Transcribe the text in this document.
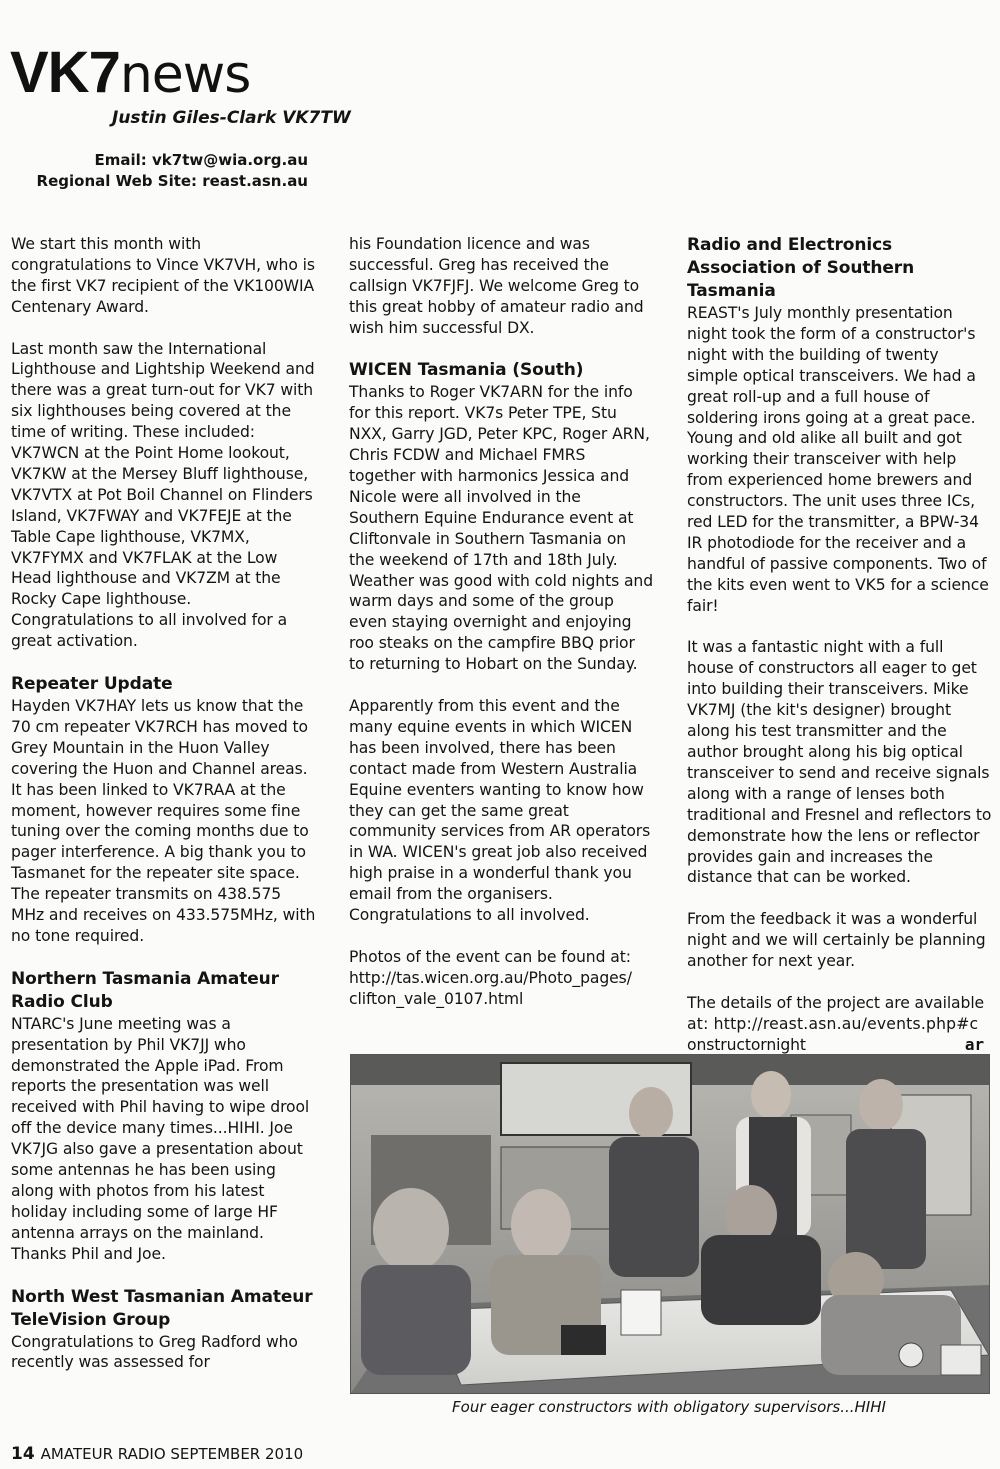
VK7news
Justin Giles-Clark VK7TW
Email: vk7tw@wia.org.au
Regional Web Site: reast.asn.au

We start this month with congratulations to Vince VK7VH, who is the first VK7 recipient of the VK100WIA Centenary Award.

Last month saw the International Lighthouse and Lightship Weekend and there was a great turn-out for VK7 with six lighthouses being covered at the time of writing. These included: VK7WCN at the Point Home lookout, VK7KW at the Mersey Bluff lighthouse, VK7VTX at Pot Boil Channel on Flinders Island, VK7FWAY and VK7FEJE at the Table Cape lighthouse, VK7MX, VK7FYMX and VK7FLAK at the Low Head lighthouse and VK7ZM at the Rocky Cape lighthouse. Congratulations to all involved for a great activation.

Repeater Update

Hayden VK7HAY lets us know that the 70 cm repeater VK7RCH has moved to Grey Mountain in the Huon Valley covering the Huon and Channel areas. It has been linked to VK7RAA at the moment, however requires some fine tuning over the coming months due to pager interference. A big thank you to Tasmanet for the repeater site space. The repeater transmits on 438.575 MHz and receives on 433.575MHz, with no tone required.

Northern Tasmania Amateur Radio Club

NTARC's June meeting was a presentation by Phil VK7JJ who demonstrated the Apple iPad. From reports the presentation was well received with Phil having to wipe drool off the device many times...HIHI. Joe VK7JG also gave a presentation about some antennas he has been using along with photos from his latest holiday including some of large HF antenna arrays on the mainland. Thanks Phil and Joe.

North West Tasmanian Amateur TeleVision Group

Congratulations to Greg Radford who recently was assessed for

his Foundation licence and was successful. Greg has received the callsign VK7FJFJ. We welcome Greg to this great hobby of amateur radio and wish him successful DX.

WICEN Tasmania (South)

Thanks to Roger VK7ARN for the info for this report. VK7s Peter TPE, Stu NXX, Garry JGD, Peter KPC, Roger ARN, Chris FCDW and Michael FMRS together with harmonics Jessica and Nicole were all involved in the Southern Equine Endurance event at Cliftonvale in Southern Tasmania on the weekend of 17th and 18th July. Weather was good with cold nights and warm days and some of the group even staying overnight and enjoying roo steaks on the campfire BBQ prior to returning to Hobart on the Sunday.

Apparently from this event and the many equine events in which WICEN has been involved, there has been contact made from Western Australia Equine eventers wanting to know how they can get the same great community services from AR operators in WA. WICEN's great job also received high praise in a wonderful thank you email from the organisers. Congratulations to all involved.

Photos of the event can be found at:
http://tas.wicen.org.au/Photo_pages/
clifton_vale_0107.html

Radio and Electronics Association of Southern Tasmania

REAST's July monthly presentation night took the form of a constructor's night with the building of twenty simple optical transceivers. We had a great roll-up and a full house of soldering irons going at a great pace. Young and old alike all built and got working their transceiver with help from experienced home brewers and constructors. The unit uses three ICs, red LED for the transmitter, a BPW-34 IR photodiode for the receiver and a handful of passive components. Two of the kits even went to VK5 for a science fair!

It was a fantastic night with a full house of constructors all eager to get into building their transceivers. Mike VK7MJ (the kit's designer) brought along his test transmitter and the author brought along his big optical transceiver to send and receive signals along with a range of lenses both traditional and Fresnel and reflectors to demonstrate how the lens or reflector provides gain and increases the distance that can be worked.

From the feedback it was a wonderful night and we will certainly be planning another for next year.

The details of the project are available
at: http://reast.asn.au/events.php#c
onstructornight	ar

Four eager constructors with obligatory supervisors...HIHI
14 AMATEUR RADIO SEPTEMBER 2010
